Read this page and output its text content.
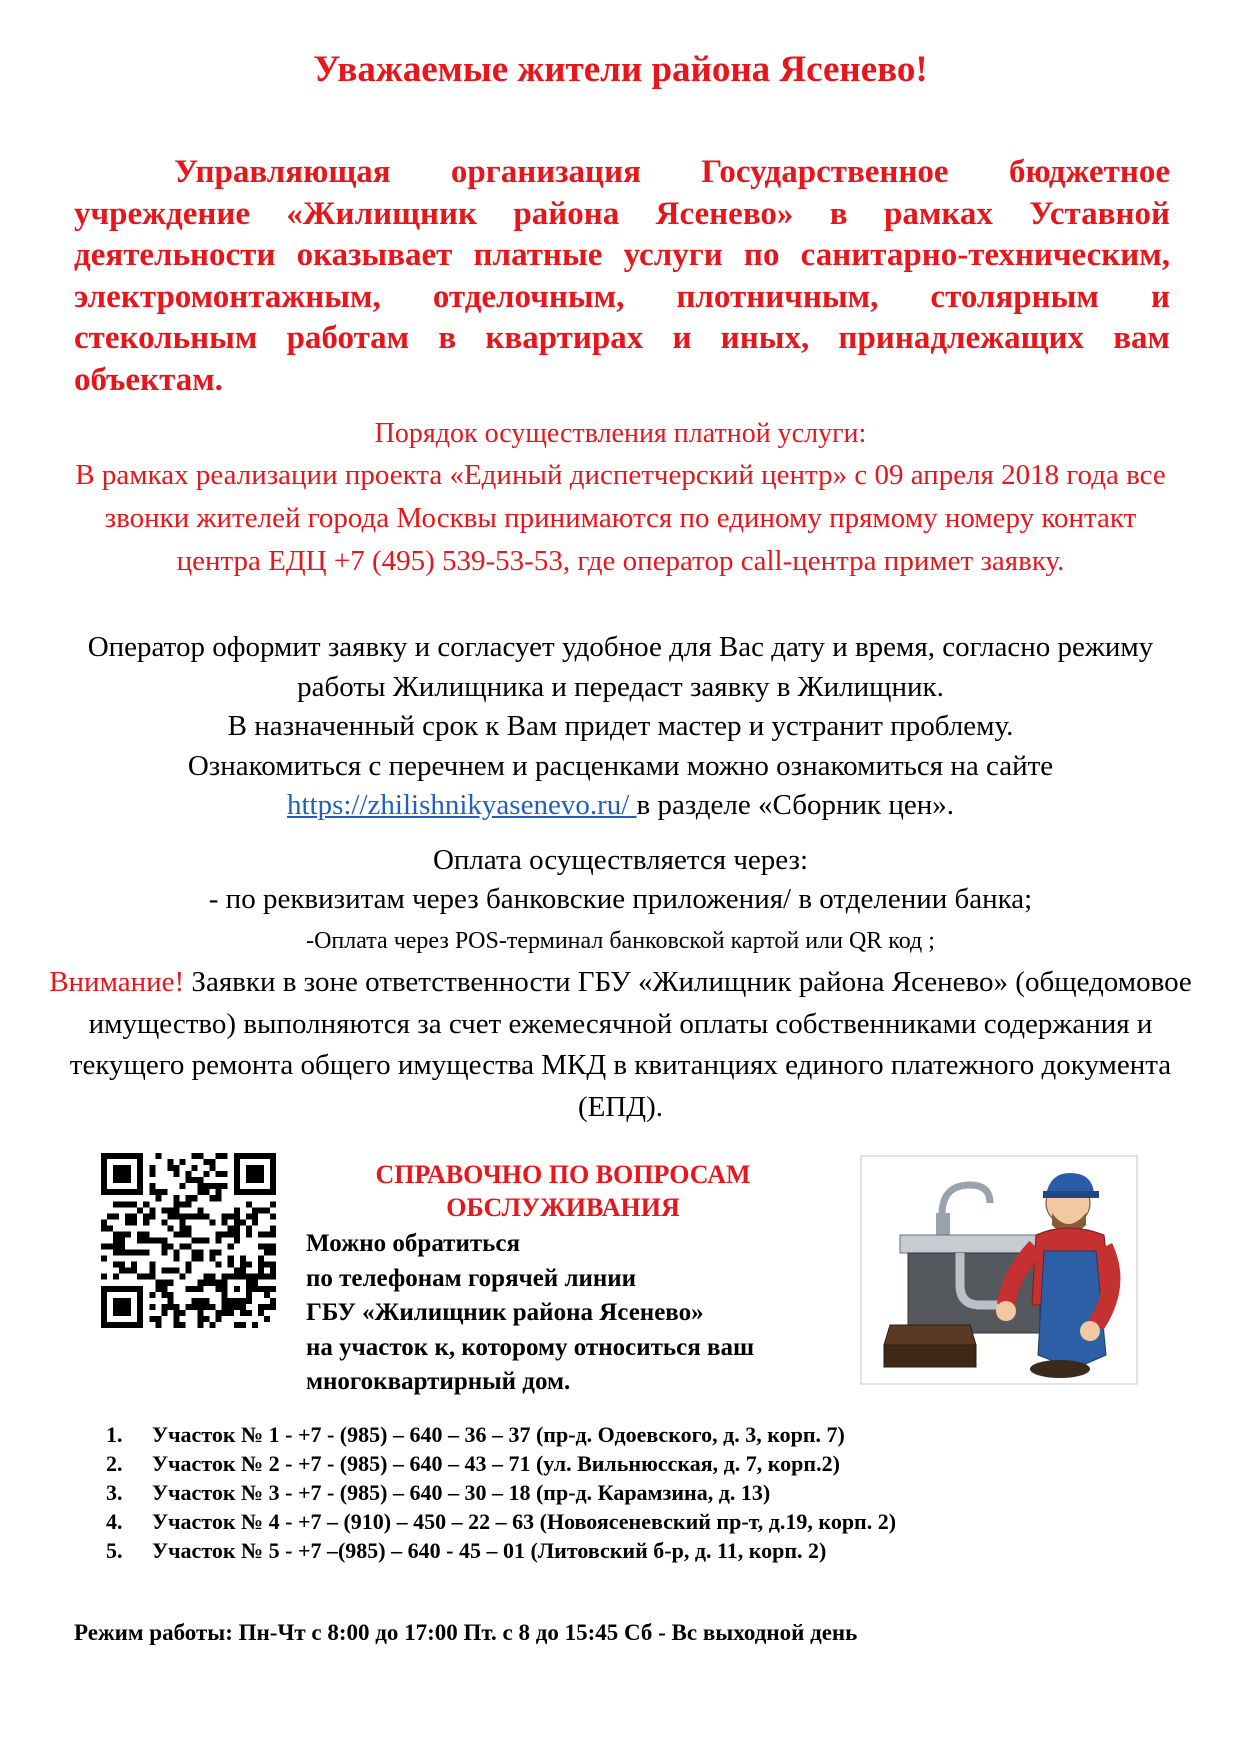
Уважаемые жители района Ясенево!

Управляющая организация Государственное бюджетное учреждение «Жилищник района Ясенево» в рамках Уставной деятельности оказывает платные услуги по санитарно-техническим, электромонтажным, отделочным, плотничным, столярным и стекольным работам в квартирах и иных, принадлежащих вам объектам.

Порядок осуществления платной услуги:

В рамках реализации проекта «Единый диспетчерский центр» с 09 апреля 2018 года все звонки жителей города Москвы принимаются по единому прямому номеру контакт центра ЕДЦ +7 (495) 539-53-53, где оператор call-центра примет заявку.

Оператор оформит заявку и согласует удобное для Вас дату и время, согласно режиму работы Жилищника и передаст заявку в Жилищник.
В назначенный срок к Вам придет мастер и устранит проблему.
Ознакомиться с перечнем и расценками можно ознакомиться на сайте
https://zhilishnikyasenevo.ru/ в разделе «Сборник цен».

Оплата осуществляется через:

- по реквизитам через банковские приложения/ в отделении банка;

-Оплата через POS-терминал банковской картой или QR код ;

Внимание! Заявки в зоне ответственности ГБУ «Жилищник района Ясенево» (общедомовое имущество) выполняются за счет ежемесячной оплаты собственниками содержания и текущего ремонта общего имущества МКД в квитанциях единого платежного документа (ЕПД).

СПРАВОЧНО ПО ВОПРОСАМ
ОБСЛУЖИВАНИЯ
Можно обратиться
по телефонам горячей линии
ГБУ «Жилищник района Ясенево»
на участок к, которому относиться ваш
многоквартирный дом.
1. Участок № 1 - +7 - (985) – 640 – 36 – 37 (пр-д. Одоевского, д. 3, корп. 7)
2. Участок № 2 - +7 - (985) – 640 – 43 – 71 (ул. Вильнюсская, д. 7, корп.2)
3. Участок № 3 - +7 - (985) – 640 – 30 – 18 (пр-д. Карамзина, д. 13)
4. Участок № 4 - +7 – (910) – 450 – 22 – 63 (Новоясеневский пр-т, д.19, корп. 2)
5. Участок № 5 - +7 –(985) – 640 - 45 – 01 (Литовский б-р, д. 11, корп. 2)

Режим работы: Пн-Чт с 8:00 до 17:00 Пт. с 8 до 15:45 Сб - Вс выходной день
